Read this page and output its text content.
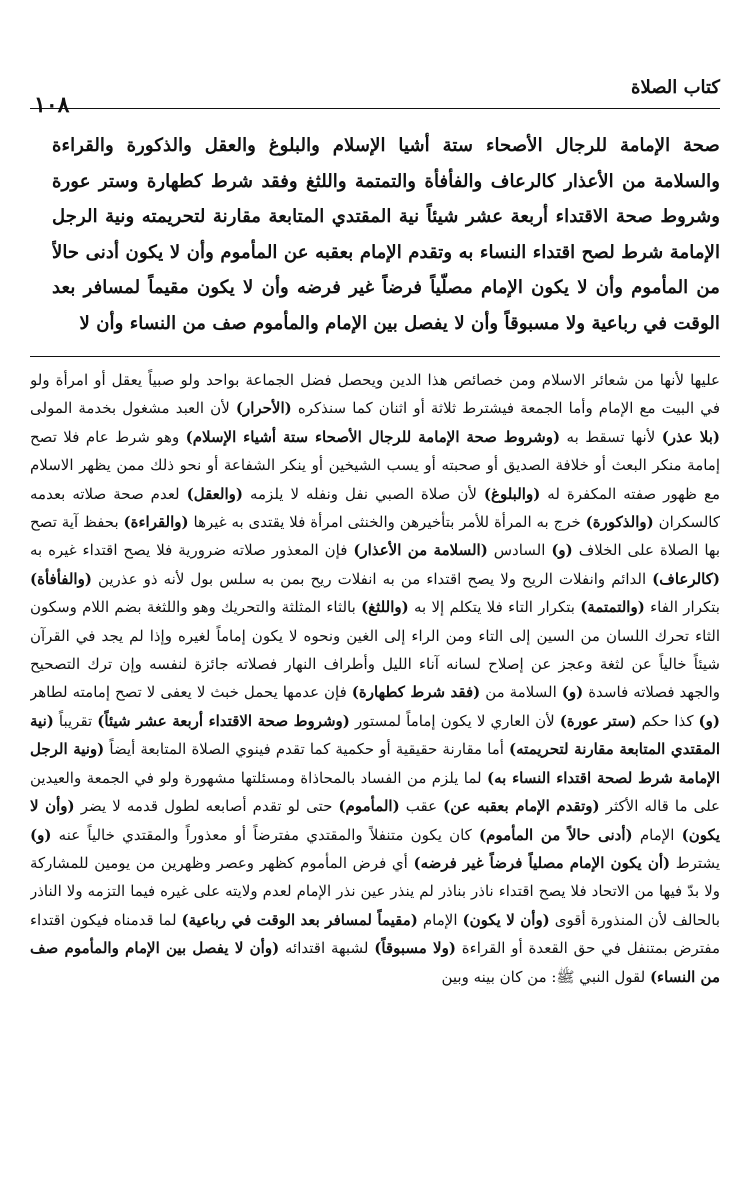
كتاب الصلاة
١٠٨
صحة الإمامة للرجال الأصحاء ستة أشيا الإسلام والبلوغ والعقل والذكورة والقراءة والسلامة من الأعذار كالرعاف والفأفأة والتمتمة واللثغ وفقد شرط كطهارة وستر عورة وشروط صحة الاقتداء أربعة عشر شيئاً نية المقتدي المتابعة مقارنة لتحريمته ونية الرجل الإمامة شرط لصح اقتداء النساء به وتقدم الإمام بعقبه عن المأموم وأن لا يكون أدنى حالاً من المأموم وأن لا يكون الإمام مصلّياً فرضاً غير فرضه وأن لا يكون مقيماً لمسافر بعد الوقت في رباعية ولا مسبوقاً وأن لا يفصل بين الإمام والمأموم صف من النساء وأن لا
عليها لأنها من شعائر الاسلام ومن خصائص هذا الدين ويحصل فضل الجماعة بواحد ولو صبياً يعقل أو امرأة ولو في البيت مع الإمام وأما الجمعة فيشترط ثلاثة أو اثنان كما سنذكره (الأحرار) لأن العبد مشغول بخدمة المولى (بلا عذر) لأنها تسقط به (وشروط صحة الإمامة للرجال الأصحاء ستة أشياء الإسلام) وهو شرط عام فلا تصح إمامة منكر البعث أو خلافة الصديق أو صحبته أو يسب الشيخين أو ينكر الشفاعة أو نحو ذلك ممن يظهر الاسلام مع ظهور صفته المكفرة له (والبلوغ) لأن صلاة الصبي نفل ونفله لا يلزمه (والعقل) لعدم صحة صلاته بعدمه كالسكران (والذكورة) خرج به المرأة للأمر بتأخيرهن والخنثى امرأة فلا يقتدى به غيرها (والقراءة) بحفظ آية تصح بها الصلاة على الخلاف (و) السادس (السلامة من الأعذار) فإن المعذور صلاته ضرورية فلا يصح اقتداء غيره به (كالرعاف) الدائم وانفلات الريح ولا يصح اقتداء من به انفلات ريح بمن به سلس بول لأنه ذو عذرين (والفأفأة) بتكرار الفاء (والتمتمة) بتكرار التاء فلا يتكلم إلا به (واللثغ) بالثاء المثلثة والتحريك وهو واللثغة بضم اللام وسكون الثاء تحرك اللسان من السين إلى التاء ومن الراء إلى الغين ونحوه لا يكون إماماً لغيره وإذا لم يجد في القرآن شيئاً خالياً عن لثغة وعجز عن إصلاح لسانه آناء الليل وأطراف النهار فصلاته جائزة لنفسه وإن ترك التصحيح والجهد فصلاته فاسدة (و) السلامة من (فقد شرط كطهارة) فإن عدمها يحمل خبث لا يعفى لا تصح إمامته لطاهر (و) كذا حكم (ستر عورة) لأن العاري لا يكون إماماً لمستور (وشروط صحة الاقتداء أربعة عشر شيئاً) تقريباً (نية المقتدي المتابعة مقارنة لتحريمته) أما مقارنة حقيقية أو حكمية كما تقدم فينوي الصلاة المتابعة أيضاً (ونية الرجل الإمامة شرط لصحة اقتداء النساء به) لما يلزم من الفساد بالمحاذاة ومسئلتها مشهورة ولو في الجمعة والعيدين على ما قاله الأكثر (وتقدم الإمام بعقبه عن) عقب (المأموم) حتى لو تقدم أصابعه لطول قدمه لا يضر (وأن لا يكون) الإمام (أدنى حالاً من المأموم) كان يكون متنفلاً والمقتدي مفترضاً أو معذوراً والمقتدي خالياً عنه (و) يشترط (أن يكون الإمام مصلياً فرضاً غير فرضه) أي فرض المأموم كظهر وعصر وظهرين من يومين للمشاركة ولا بدّ فيها من الاتحاد فلا يصح اقتداء ناذر بناذر لم ينذر عين نذر الإمام لعدم ولايته على غيره فيما التزمه ولا الناذر بالحالف لأن المنذورة أقوى (وأن لا يكون) الإمام (مقيماً لمسافر بعد الوقت في رباعية) لما قدمناه فيكون اقتداء مفترض بمتنفل في حق القعدة أو القراءة (ولا مسبوقاً) لشبهة اقتدائه (وأن لا يفصل بين الإمام والمأموم صف من النساء) لقول النبي ﷺ: من كان بينه وبين
